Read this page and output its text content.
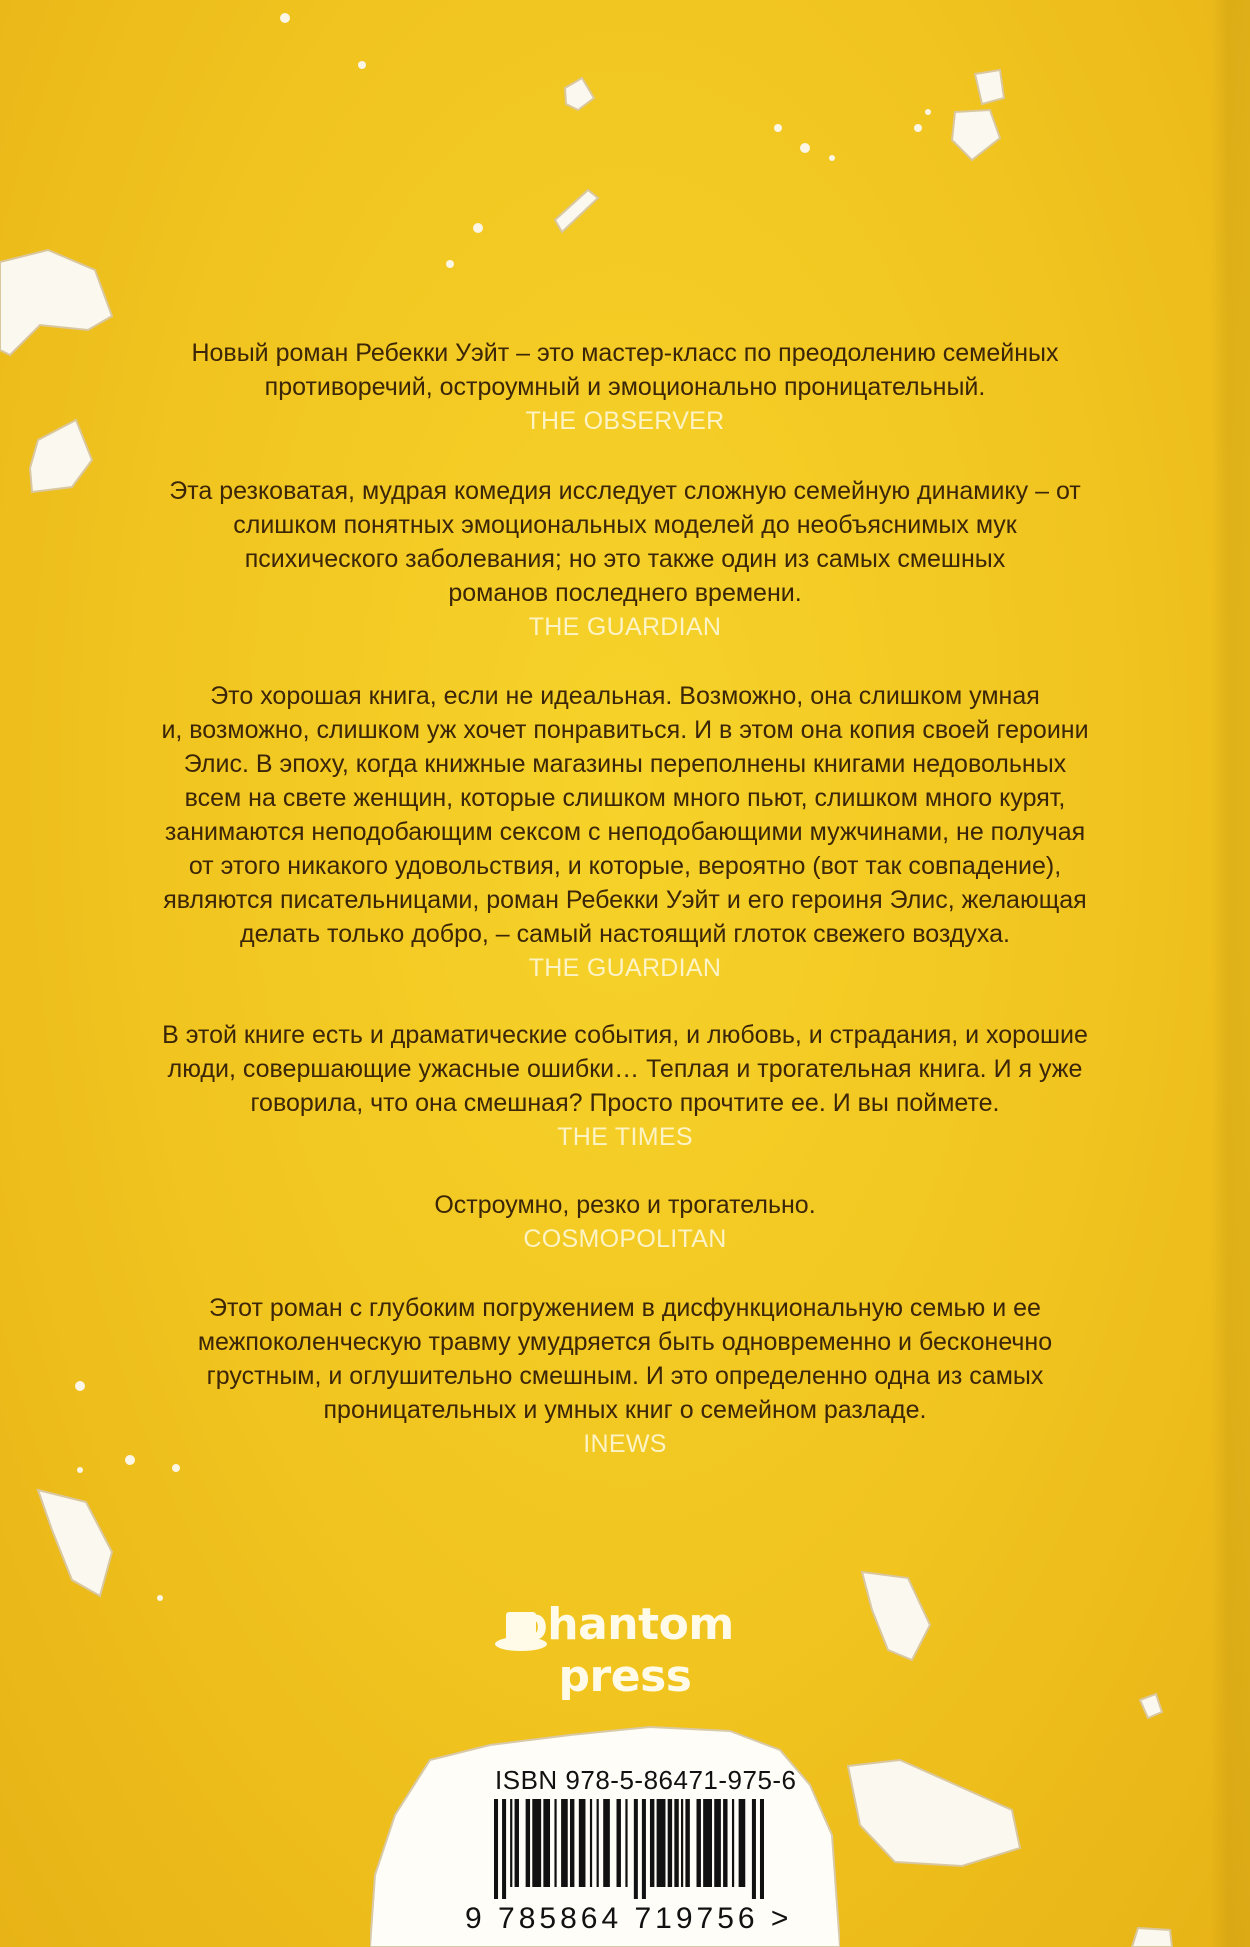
Новый роман Ребекки Уэйт – это мастер-класс по преодолению семейных
противоречий, остроумный и эмоционально проницательный.

THE OBSERVER

Эта резковатая, мудрая комедия исследует сложную семейную динамику – от
слишком понятных эмоциональных моделей до необъяснимых мук
психического заболевания; но это также один из самых смешных
романов последнего времени.

THE GUARDIAN

Это хорошая книга, если не идеальная. Возможно, она слишком умная
и, возможно, слишком уж хочет понравиться. И в этом она копия своей героини
Элис. В эпоху, когда книжные магазины переполнены книгами недовольных
всем на свете женщин, которые слишком много пьют, слишком много курят,
занимаются неподобающим сексом с неподобающими мужчинами, не получая
от этого никакого удовольствия, и которые, вероятно (вот так совпадение),
являются писательницами, роман Ребекки Уэйт и его героиня Элис, желающая
делать только добро, – самый настоящий глоток свежего воздуха.

THE GUARDIAN

В этой книге есть и драматические события, и любовь, и страдания, и хорошие
люди, совершающие ужасные ошибки… Теплая и трогательная книга. И я уже
говорила, что она смешная? Просто прочтите ее. И вы поймете.

THE TIMES

Остроумно, резко и трогательно.

COSMOPOLITAN

Этот роман с глубоким погружением в дисфункциональную семью и ее
межпоколенческую травму умудряется быть одновременно и бесконечно
грустным, и оглушительно смешным. И это определенно одна из самых
проницательных и умных книг о семейном разладе.

INEWS

phantom press
ISBN 978-5-86471-975-6
9 785864 719756 >
